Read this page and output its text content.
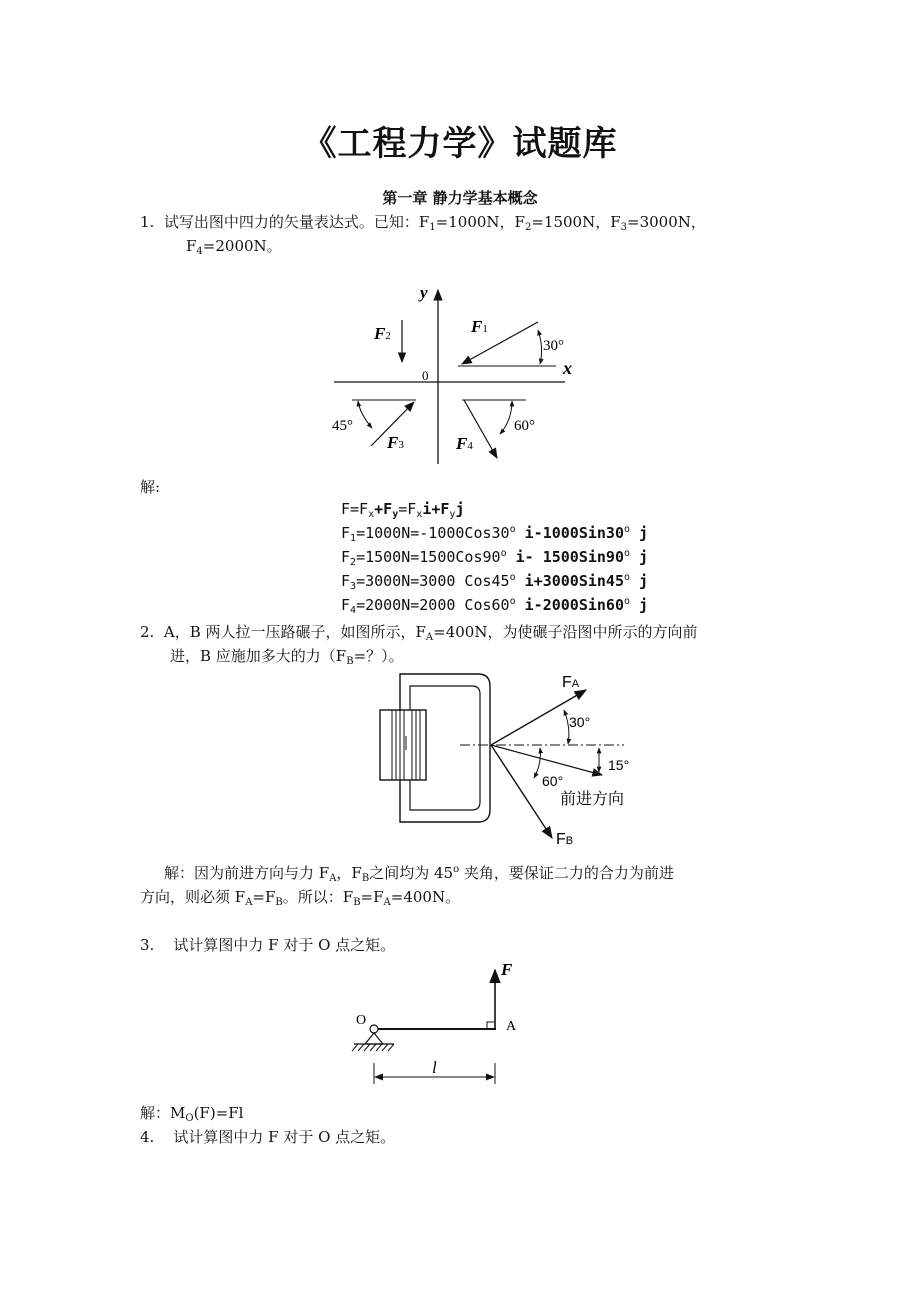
《工程力学》试题库
第一章 静力学基本概念
1. 试写出图中四力的矢量表达式。已知：$F_1=1000N$，$F_2=1500N$，$F_3=3000N$，
$F_4=2000N$。
x
y
0
F2	F1
30°
45°
F3
60°
F4
解:
$F=F_x+F_y=F_xi+F_yj$
$F_1=1000N=-1000Cos30^o$ i-1000Sin30$^o$ j
$F_2=1500N=1500Cos90^o$ i- 1500Sin90$^o$ j
$F_3=3000N=3000$ Cos45$^o$ $i+3000Sin45^o$ j
$F_4=2000N=2000$ Cos60$^o$ i-2000Sin60$^o$ j
2. A，B 两人拉一压路碾子，如图所示，$F_A=400N$，为使碾子沿图中所示的方向前
进，B 应施加多大的力（$F_B=$？）。
FA
30°
15°
60°
前进方向
FB
解：因为前进方向与力 $F_A$，$F_B$之间均为 45$^o$ 夹角，要保证二力的合力为前进
方向，则必须 $F_A=F_B$。所以：$F_B=F_A=400N$。
3. 试计算图中力 F 对于 O 点之矩。
F
O	A
l
解：$M_O(F)=Fl$
4. 试计算图中力 F 对于 O 点之矩。
